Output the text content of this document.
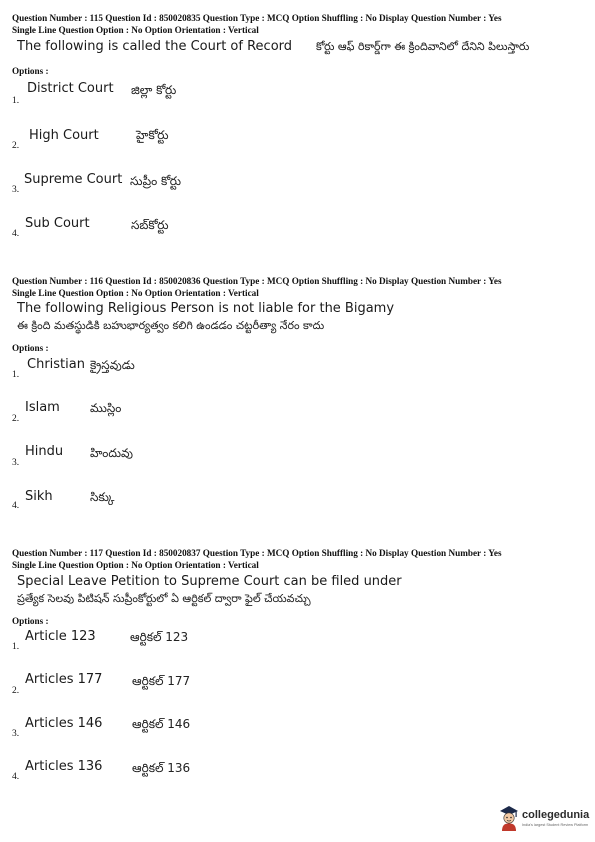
Question Number : 115 Question Id : 850020835 Question Type : MCQ Option Shuffling : No Display Question Number : Yes
Single Line Question Option : No Option Orientation : Vertical
The following is called the Court of Record కోర్టు ఆఫ్ రికార్డ్‌గా ఈ క్రిందివానిలో దేనిని పిలుస్తారు
Options :
1.
District Court జిల్లా కోర్టు
2.
High Court	హైకోర్టు
3.
Supreme Court సుప్రీం కోర్టు
4.
Sub Court	సబ్‌కోర్టు
Question Number : 116 Question Id : 850020836 Question Type : MCQ Option Shuffling : No Display Question Number : Yes
Single Line Question Option : No Option Orientation : Vertical
The following Religious Person is not liable for the Bigamy
ఈ క్రింది మతస్థుడికి బహుభార్యత్వం కలిగి ఉండడం చట్టరీత్యా నేరం కాదు
Options :
1.
Christian క్రైస్తవుడు
2.
Islam	ముస్లిం
3.
Hindu హిందువు
4.
Sikh	సిక్కు
Question Number : 117 Question Id : 850020837 Question Type : MCQ Option Shuffling : No Display Question Number : Yes
Single Line Question Option : No Option Orientation : Vertical
Special Leave Petition to Supreme Court can be filed under
ప్రత్యేక సెలవు పిటిషన్ సుప్రీంకోర్టులో ఏ ఆర్టికల్ ద్వారా ఫైల్ చేయవచ్చు
Options :
1.
Article 123	ఆర్టికల్ 123
2.
Articles 177 ఆర్టికల్ 177
3.
Articles 146 ఆర్టికల్ 146
4.
Articles 136 ఆర్టికల్ 136
collegedunia
India's largest Student Review Platform
